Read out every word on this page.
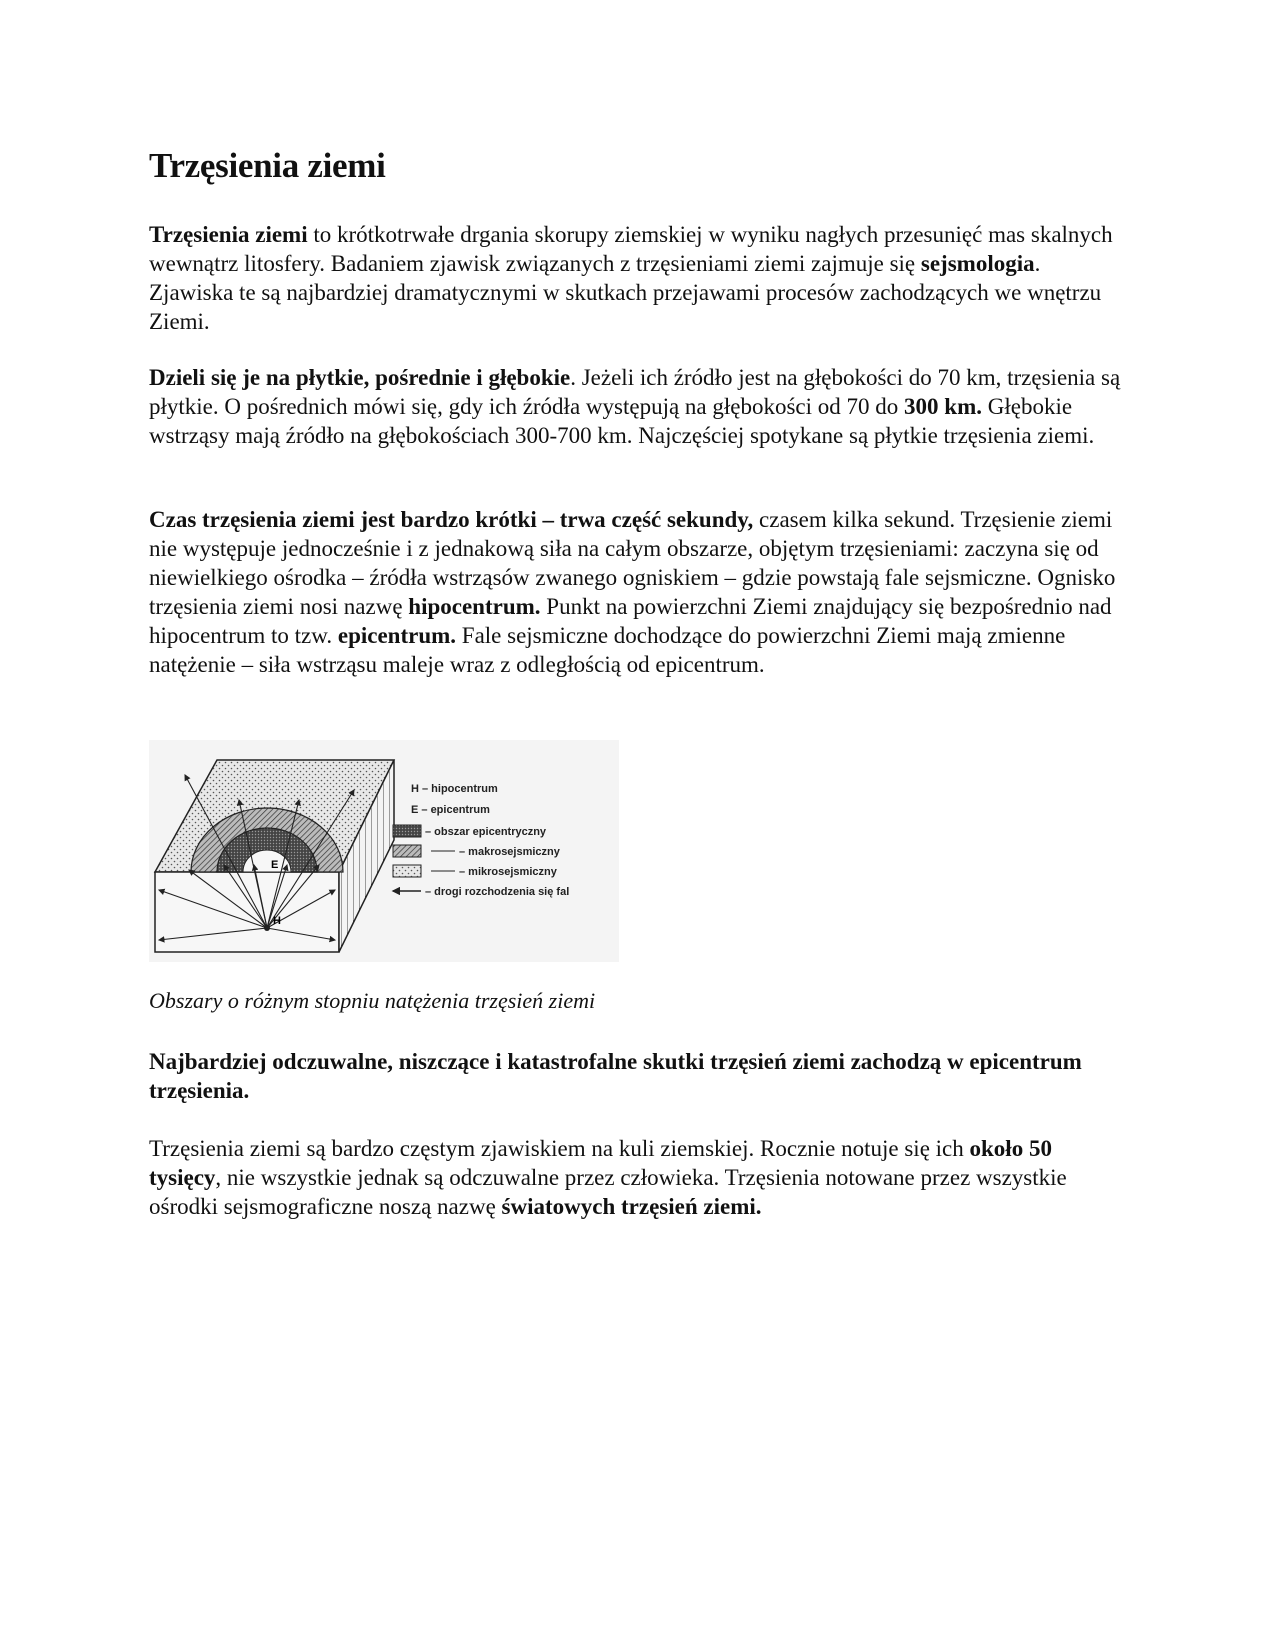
Trzęsienia ziemi

Trzęsienia ziemi to krótkotrwałe drgania skorupy ziemskiej w wyniku nagłych przesunięć mas skalnych wewnątrz litosfery. Badaniem zjawisk związanych z trzęsieniami ziemi zajmuje się sejsmologia. Zjawiska te są najbardziej dramatycznymi w skutkach przejawami procesów zachodzących we wnętrzu Ziemi.

Dzieli się je na płytkie, pośrednie i głębokie. Jeżeli ich źródło jest na głębokości do 70 km, trzęsienia są płytkie. O pośrednich mówi się, gdy ich źródła występują na głębokości od 70 do 300 km. Głębokie wstrząsy mają źródło na głębokościach 300-700 km. Najczęściej spotykane są płytkie trzęsienia ziemi.

Czas trzęsienia ziemi jest bardzo krótki – trwa część sekundy, czasem kilka sekund. Trzęsienie ziemi nie występuje jednocześnie i z jednakową siła na całym obszarze, objętym trzęsieniami: zaczyna się od niewielkiego ośrodka – źródła wstrząsów zwanego ogniskiem – gdzie powstają fale sejsmiczne. Ognisko trzęsienia ziemi nosi nazwę hipocentrum. Punkt na powierzchni Ziemi znajdujący się bezpośrednio nad hipocentrum to tzw. epicentrum. Fale sejsmiczne dochodzące do powierzchni Ziemi mają zmienne natężenie – siła wstrząsu maleje wraz z odległością od epicentrum.

H
E
H – hipocentrum
E – epicentrum
– obszar epicentryczny
– makrosejsmiczny
– mikrosejsmiczny
– drogi rozchodzenia się fal

Obszary o różnym stopniu natężenia trzęsień ziemi

Najbardziej odczuwalne, niszczące i katastrofalne skutki trzęsień ziemi zachodzą w epicentrum trzęsienia.

Trzęsienia ziemi są bardzo częstym zjawiskiem na kuli ziemskiej. Rocznie notuje się ich około 50 tysięcy, nie wszystkie jednak są odczuwalne przez człowieka. Trzęsienia notowane przez wszystkie ośrodki sejsmograficzne noszą nazwę światowych trzęsień ziemi.
